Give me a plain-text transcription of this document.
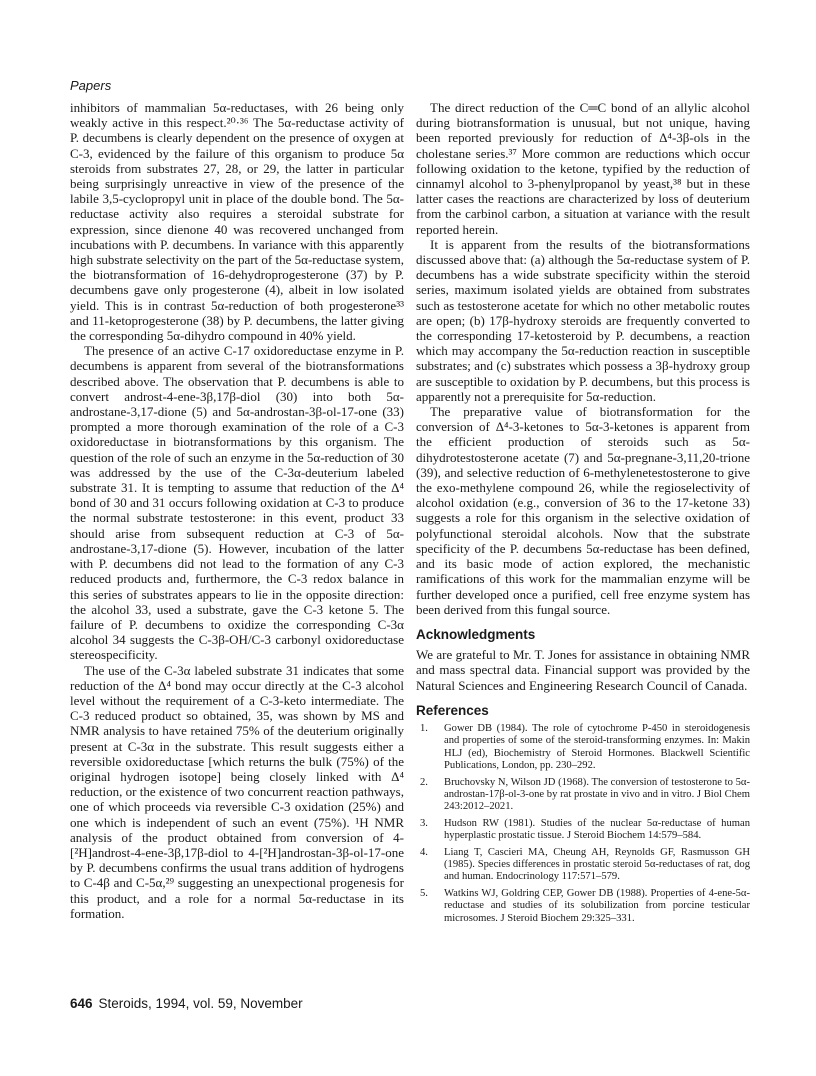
Papers

inhibitors of mammalian 5α-reductases, with 26 being only weakly active in this respect.²⁰·³⁶ The 5α-reductase activity of P. decumbens is clearly dependent on the presence of oxygen at C-3, evidenced by the failure of this organism to produce 5α steroids from substrates 27, 28, or 29, the latter in particular being surprisingly unreactive in view of the presence of the labile 3,5-cyclopropyl unit in place of the double bond. The 5α-reductase activity also requires a steroidal substrate for expression, since dienone 40 was recovered unchanged from incubations with P. decumbens. In variance with this apparently high substrate selectivity on the part of the 5α-reductase system, the biotransformation of 16-dehydroprogesterone (37) by P. decumbens gave only progesterone (4), albeit in low isolated yield. This is in contrast 5α-reduction of both progesterone³³ and 11-ketoprogesterone (38) by P. decumbens, the latter giving the corresponding 5α-dihydro compound in 40% yield.

The presence of an active C-17 oxidoreductase enzyme in P. decumbens is apparent from several of the biotransformations described above. The observation that P. decumbens is able to convert androst-4-ene-3β,17β-diol (30) into both 5α-androstane-3,17-dione (5) and 5α-androstan-3β-ol-17-one (33) prompted a more thorough examination of the role of a C-3 oxidoreductase in biotransformations by this organism. The question of the role of such an enzyme in the 5α-reduction of 30 was addressed by the use of the C-3α-deuterium labeled substrate 31. It is tempting to assume that reduction of the Δ⁴ bond of 30 and 31 occurs following oxidation at C-3 to produce the normal substrate testosterone: in this event, product 33 should arise from subsequent reduction at C-3 of 5α-androstane-3,17-dione (5). However, incubation of the latter with P. decumbens did not lead to the formation of any C-3 reduced products and, furthermore, the C-3 redox balance in this series of substrates appears to lie in the opposite direction: the alcohol 33, used a substrate, gave the C-3 ketone 5. The failure of P. decumbens to oxidize the corresponding C-3α alcohol 34 suggests the C-3β-OH/C-3 carbonyl oxidoreductase stereospecificity.

The use of the C-3α labeled substrate 31 indicates that some reduction of the Δ⁴ bond may occur directly at the C-3 alcohol level without the requirement of a C-3-keto intermediate. The C-3 reduced product so obtained, 35, was shown by MS and NMR analysis to have retained 75% of the deuterium originally present at C-3α in the substrate. This result suggests either a reversible oxidoreductase [which returns the bulk (75%) of the original hydrogen isotope] being closely linked with Δ⁴ reduction, or the existence of two concurrent reaction pathways, one of which proceeds via reversible C-3 oxidation (25%) and one which is independent of such an event (75%). ¹H NMR analysis of the product obtained from conversion of 4-[²H]androst-4-ene-3β,17β-diol to 4-[²H]androstan-3β-ol-17-one by P. decumbens confirms the usual trans addition of hydrogens to C-4β and C-5α,²⁹ suggesting an unexpectional progenesis for this product, and a role for a normal 5α-reductase in its formation.

The direct reduction of the C═C bond of an allylic alcohol during biotransformation is unusual, but not unique, having been reported previously for reduction of Δ⁴-3β-ols in the cholestane series.³⁷ More common are reductions which occur following oxidation to the ketone, typified by the reduction of cinnamyl alcohol to 3-phenylpropanol by yeast,³⁸ but in these latter cases the reactions are characterized by loss of deuterium from the carbinol carbon, a situation at variance with the result reported herein.

It is apparent from the results of the biotransformations discussed above that: (a) although the 5α-reductase system of P. decumbens has a wide substrate specificity within the steroid series, maximum isolated yields are obtained from substrates such as testosterone acetate for which no other metabolic routes are open; (b) 17β-hydroxy steroids are frequently converted to the corresponding 17-ketosteroid by P. decumbens, a reaction which may accompany the 5α-reduction reaction in susceptible substrates; and (c) substrates which possess a 3β-hydroxy group are susceptible to oxidation by P. decumbens, but this process is apparently not a prerequisite for 5α-reduction.

The preparative value of biotransformation for the conversion of Δ⁴-3-ketones to 5α-3-ketones is apparent from the efficient production of steroids such as 5α-dihydrotestosterone acetate (7) and 5α-pregnane-3,11,20-trione (39), and selective reduction of 6-methylenetestosterone to give the exo-methylene compound 26, while the regioselectivity of alcohol oxidation (e.g., conversion of 36 to the 17-ketone 33) suggests a role for this organism in the selective oxidation of polyfunctional steroidal alcohols. Now that the substrate specificity of the P. decumbens 5α-reductase has been defined, and its basic mode of action explored, the mechanistic ramifications of this work for the mammalian enzyme will be further developed once a purified, cell free enzyme system has been derived from this fungal source.

Acknowledgments

We are grateful to Mr. T. Jones for assistance in obtaining NMR and mass spectral data. Financial support was provided by the Natural Sciences and Engineering Research Council of Canada.

References
1.	Gower DB (1984). The role of cytochrome P-450 in steroidogenesis and properties of some of the steroid-transforming enzymes. In: Makin HLJ (ed), Biochemistry of Steroid Hormones. Blackwell Scientific Publications, London, pp. 230–292.
2.	Bruchovsky N, Wilson JD (1968). The conversion of testosterone to 5α-androstan-17β-ol-3-one by rat prostate in vivo and in vitro. J Biol Chem 243:2012–2021.
3.	Hudson RW (1981). Studies of the nuclear 5α-reductase of human hyperplastic prostatic tissue. J Steroid Biochem 14:579–584.
4.	Liang T, Cascieri MA, Cheung AH, Reynolds GF, Rasmusson GH (1985). Species differences in prostatic steroid 5α-reductases of rat, dog and human. Endocrinology 117:571–579.
5.	Watkins WJ, Goldring CEP, Gower DB (1988). Properties of 4-ene-5α-reductase and studies of its solubilization from porcine testicular microsomes. J Steroid Biochem 29:325–331.
646 Steroids, 1994, vol. 59, November
